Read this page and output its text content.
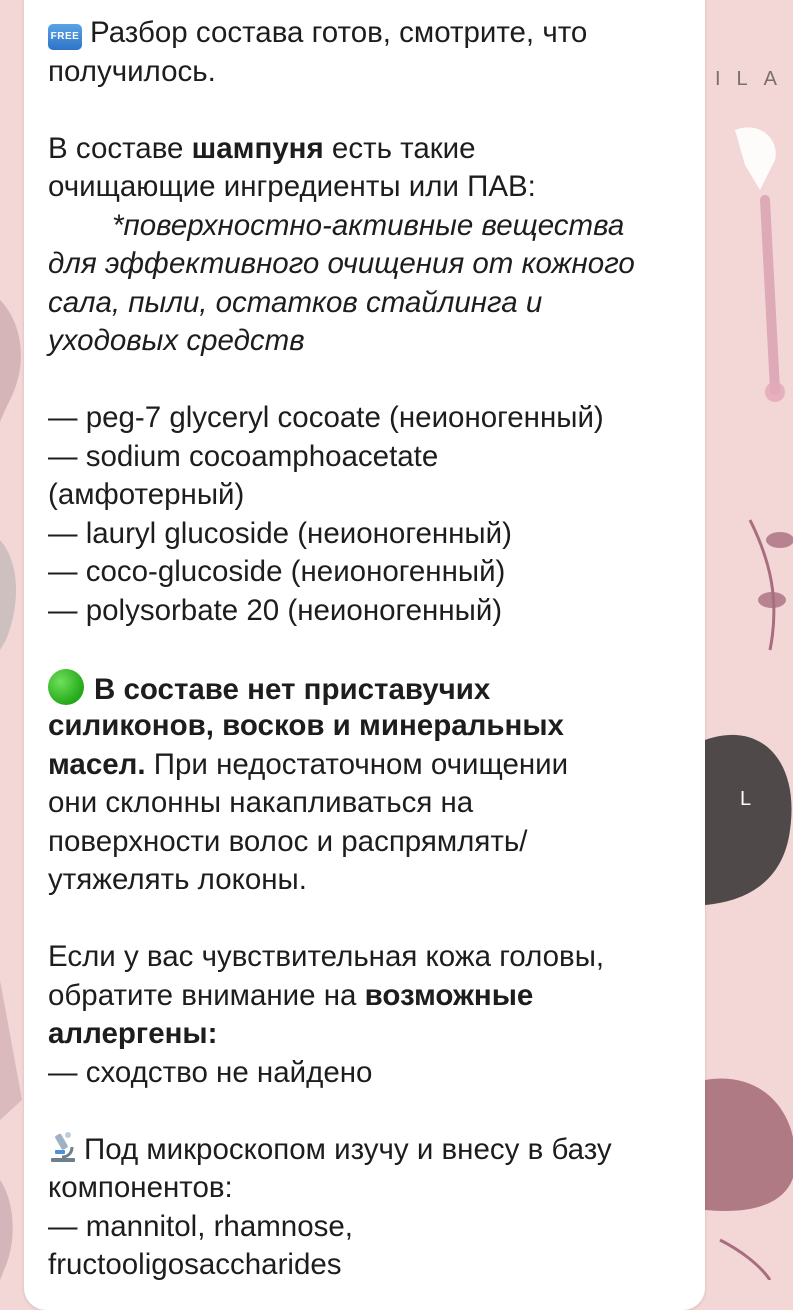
L
ILA
FREE Разбор состава готов, смотрите, что
получилось.
В составе шампуня есть такие
очищающие ингредиенты или ПАВ:
*поверхностно-активные вещества
для эффективного очищения от кожного
сала, пыли, остатков стайлинга и
уходовых средств
— peg-7 glyceryl cocoate (неионогенный)
— sodium cocoamphoacetate
(амфотерный)
— lauryl glucoside (неионогенный)
— coco-glucoside (неионогенный)
— polysorbate 20 (неионогенный)
В составе нет приставучих
силиконов, восков и минеральных
масел. При недостаточном очищении
они склонны накапливаться на
поверхности волос и распрямлять/
утяжелять локоны.
Если у вас чувствительная кожа головы,
обратите внимание на возможные
аллергены:
— сходство не найдено
Под микроскопом изучу и внесу в базу
компонентов:
— mannitol, rhamnose,
fructooligosaccharides
